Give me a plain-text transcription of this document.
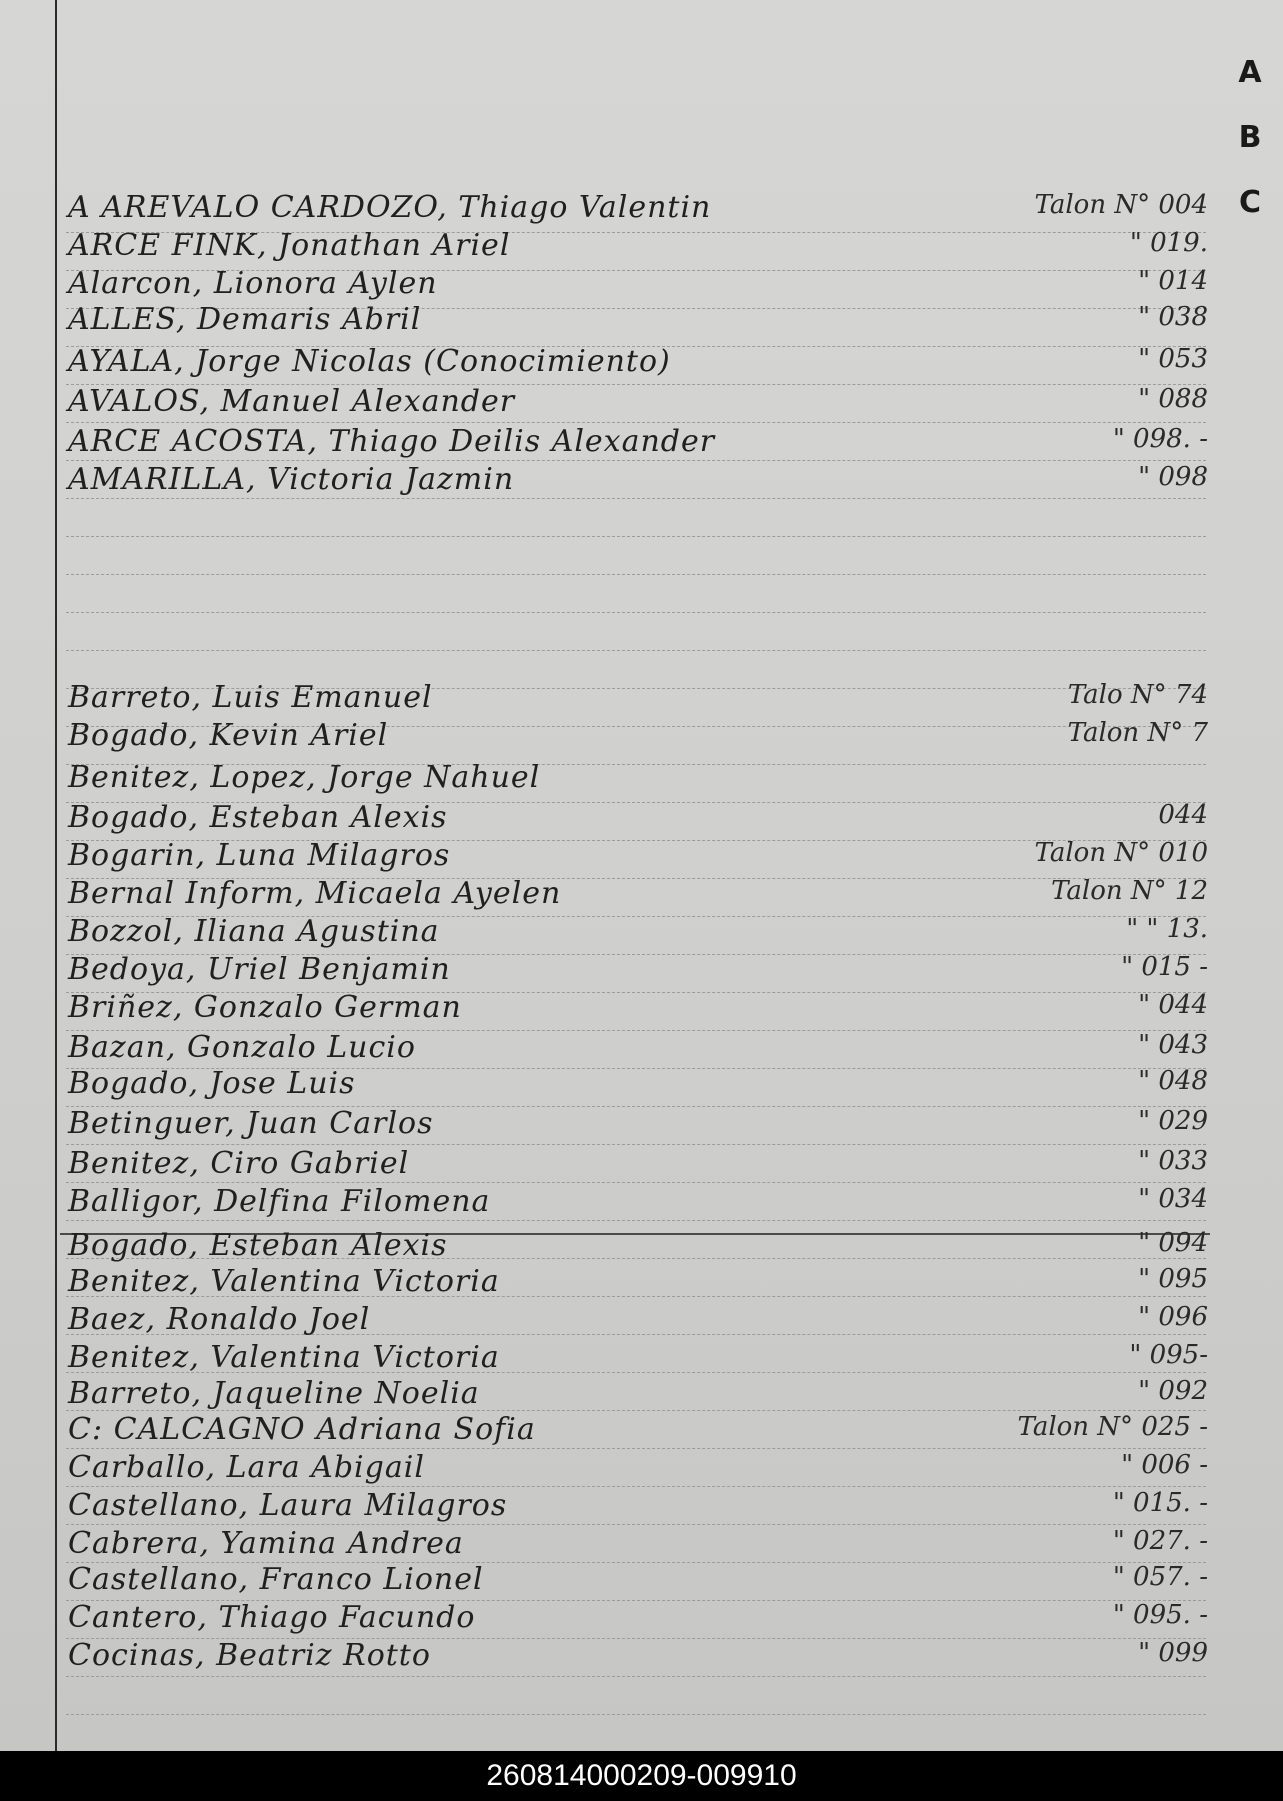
A
B
C
A AREVALO CARDOZO, Thiago Valentin	Talon N° 004
ARCE FINK, Jonathan Ariel	" 019.
Alarcon, Lionora Aylen	" 014
ALLES, Demaris Abril	" 038
AYALA, Jorge Nicolas (Conocimiento)	" 053
AVALOS, Manuel Alexander	" 088
ARCE ACOSTA, Thiago Deilis Alexander	" 098. -
AMARILLA, Victoria Jazmin	" 098
Barreto, Luis Emanuel	Talo N° 74
Bogado, Kevin Ariel	Talon N° 7
Benitez, Lopez, Jorge Nahuel
Bogado, Esteban Alexis	044
Bogarin, Luna Milagros	Talon N° 010
Bernal Inform, Micaela Ayelen	Talon N° 12
Bozzol, Iliana Agustina	" " 13.
Bedoya, Uriel Benjamin	" 015 -
Briñez, Gonzalo German	" 044
Bazan, Gonzalo Lucio	" 043
Bogado, Jose Luis	" 048
Betinguer, Juan Carlos	" 029
Benitez, Ciro Gabriel	" 033
Balligor, Delfina Filomena	" 034
Bogado, Esteban Alexis	" 094
Benitez, Valentina Victoria	" 095
Baez, Ronaldo Joel	" 096
Benitez, Valentina Victoria	" 095-
Barreto, Jaqueline Noelia	" 092
C: CALCAGNO Adriana Sofia	Talon N° 025 -
Carballo, Lara Abigail	" 006 -
Castellano, Laura Milagros	" 015. -
Cabrera, Yamina Andrea	" 027. -
Castellano, Franco Lionel	" 057. -
Cantero, Thiago Facundo	" 095. -
Cocinas, Beatriz Rotto	" 099
260814000209-009910
